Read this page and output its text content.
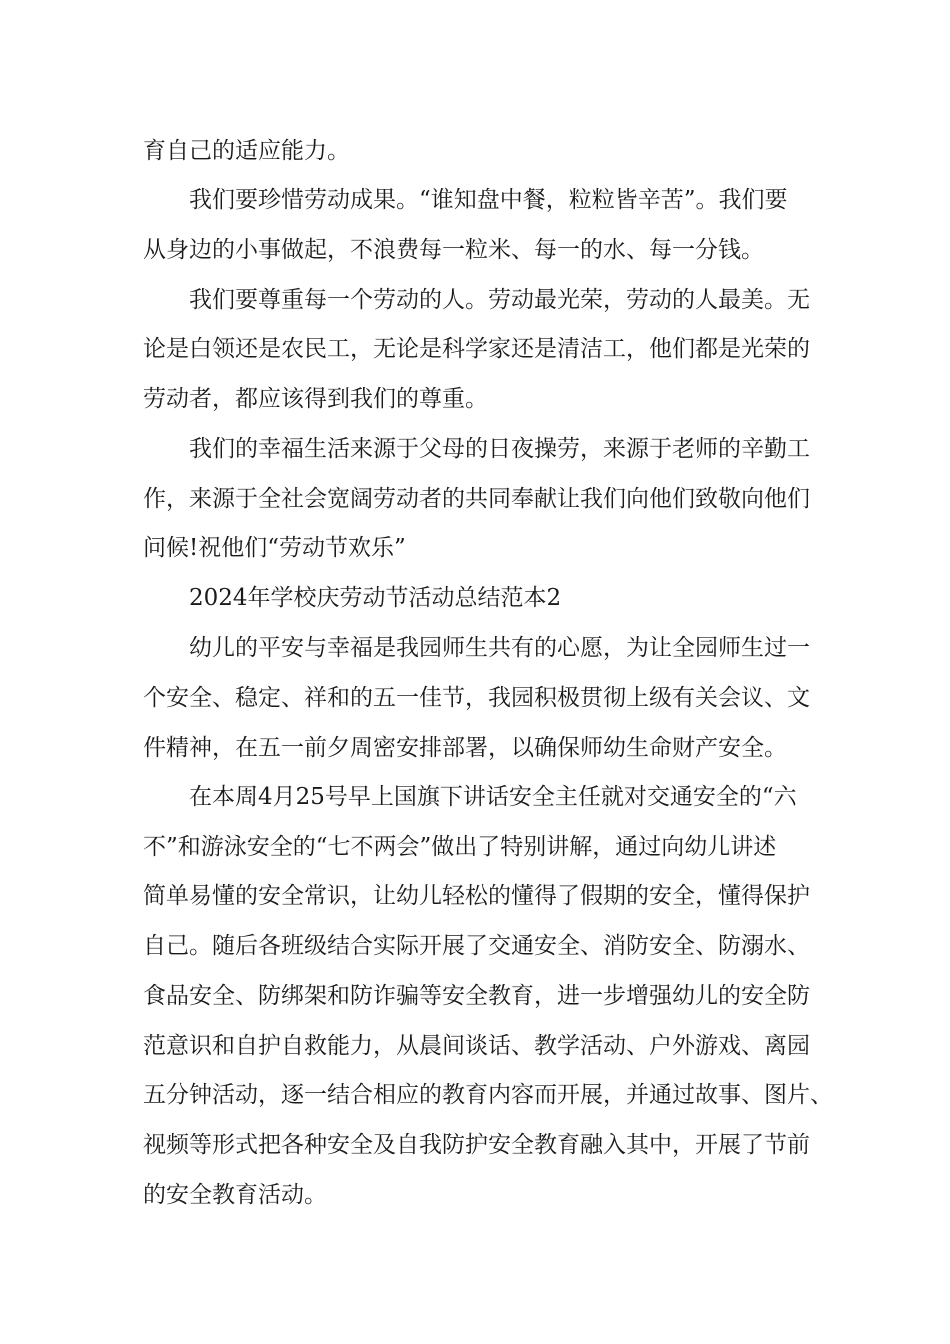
育自己的适应能力。
我们要珍惜劳动成果。“谁知盘中餐，粒粒皆辛苦”。我们要
从身边的小事做起，不浪费每一粒米、每一的水、每一分钱。
我们要尊重每一个劳动的人。劳动最光荣，劳动的人最美。无
论是白领还是农民工，无论是科学家还是清洁工，他们都是光荣的
劳动者，都应该得到我们的尊重。
我们的幸福生活来源于父母的日夜操劳，来源于老师的辛勤工
作，来源于全社会宽阔劳动者的共同奉献让我们向他们致敬向他们
问候!祝他们“劳动节欢乐”
2024年学校庆劳动节活动总结范本2
幼儿的平安与幸福是我园师生共有的心愿，为让全园师生过一
个安全、稳定、祥和的五一佳节，我园积极贯彻上级有关会议、文
件精神，在五一前夕周密安排部署，以确保师幼生命财产安全。
在本周4月25号早上国旗下讲话安全主任就对交通安全的“六
不”和游泳安全的“七不两会”做出了特别讲解，通过向幼儿讲述
简单易懂的安全常识，让幼儿轻松的懂得了假期的安全，懂得保护
自己。随后各班级结合实际开展了交通安全、消防安全、防溺水、
食品安全、防绑架和防诈骗等安全教育，进一步增强幼儿的安全防
范意识和自护自救能力，从晨间谈话、教学活动、户外游戏、离园
五分钟活动，逐一结合相应的教育内容而开展，并通过故事、图片、
视频等形式把各种安全及自我防护安全教育融入其中，开展了节前
的安全教育活动。
